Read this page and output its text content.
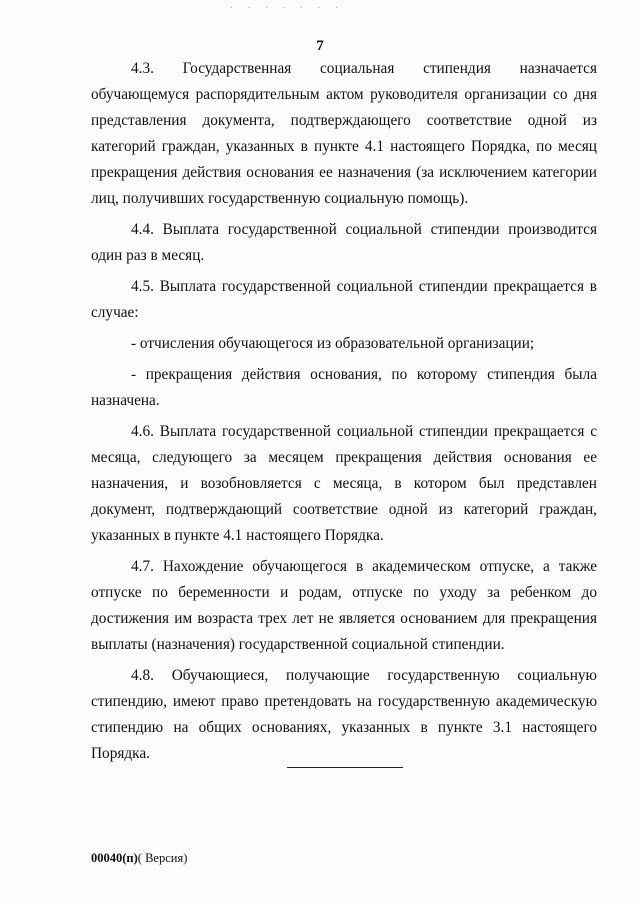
· · · · · · ·
7

4.3. Государственная социальная стипендия назначается обучающемуся распорядительным актом руководителя организации со дня представления документа, подтверждающего соответствие одной из категорий граждан, указанных в пункте 4.1 настоящего Порядка, по месяц прекращения действия основания ее назначения (за исключением категории лиц, получивших государственную социальную помощь).

4.4. Выплата государственной социальной стипендии производится один раз в месяц.

4.5. Выплата государственной социальной стипендии прекращается в случае:

- отчисления обучающегося из образовательной организации;

- прекращения действия основания, по которому стипендия была назначена.

4.6. Выплата государственной социальной стипендии прекращается с месяца, следующего за месяцем прекращения действия основания ее назначения, и возобновляется с месяца, в котором был представлен документ, подтверждающий соответствие одной из категорий граждан, указанных в пункте 4.1 настоящего Порядка.

4.7. Нахождение обучающегося в академическом отпуске, а также отпуске по беременности и родам, отпуске по уходу за ребенком до достижения им возраста трех лет не является основанием для прекращения выплаты (назначения) государственной социальной стипендии.

4.8. Обучающиеся, получающие государственную социальную стипендию, имеют право претендовать на государственную академическую стипендию на общих основаниях, указанных в пункте 3.1 настоящего Порядка.

00040(п)( Версия)
